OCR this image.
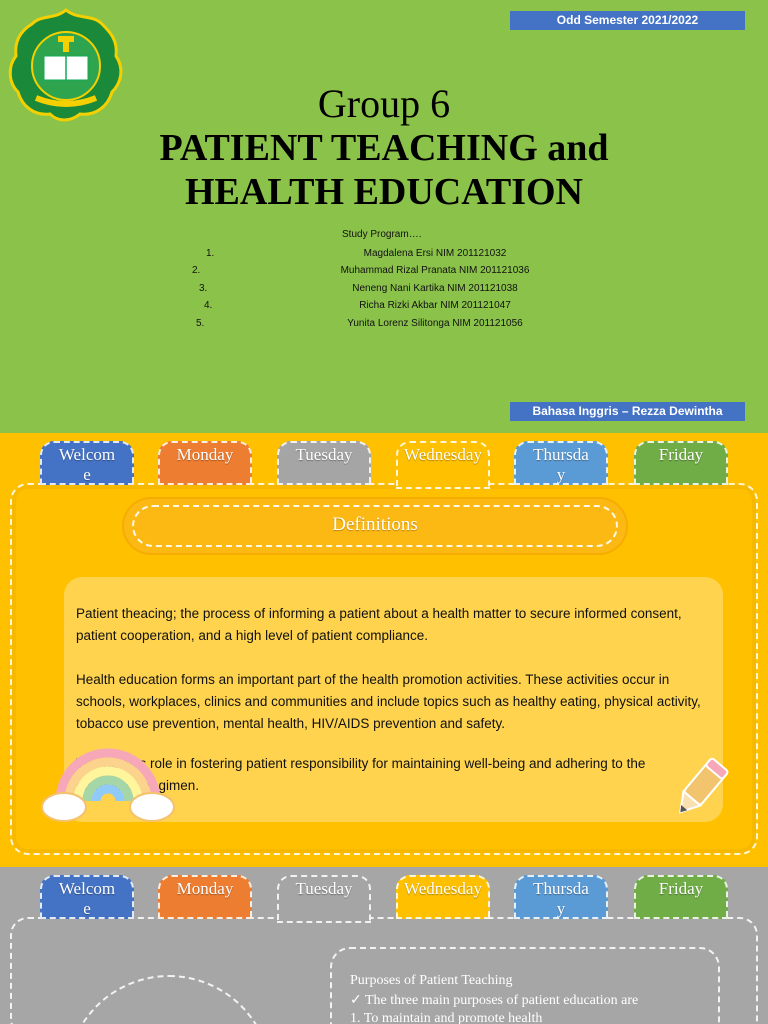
Odd Semester 2021/2022
Group 6
PATIENT TEACHING and
HEALTH EDUCATION
Study Program….
1.	Magdalena Ersi NIM 201121032
2.	Muhammad Rizal Pranata NIM 201121036
3.	Neneng Nani Kartika NIM 201121038
4.	Richa Rizki Akbar NIM 201121047
5.	Yunita Lorenz Silitonga NIM 201121056
Bahasa Inggris – Rezza Dewintha
Welcom
e
Monday	Tuesday	Wednesday	Thursda
y
Friday
Definitions
Patient theacing; the process of informing a patient about a health matter to secure informed consent, patient cooperation, and a high level of patient compliance.
Health education forms an important part of the health promotion activities. These activities occur in schools, workplaces, clinics and communities and include topics such as healthy eating, physical activity, tobacco use prevention, mental health, HIV/AIDS prevention and safety.
The nurse’s role in fostering patient responsibility for maintaining well-being and adhering to the therapeutic regimen.
Welcom
e
Monday	Tuesday	Wednesday	Thursda
y
Friday
Purposes of Patient Teaching
✓ The three main purposes of patient education are
1. To maintain and promote health
